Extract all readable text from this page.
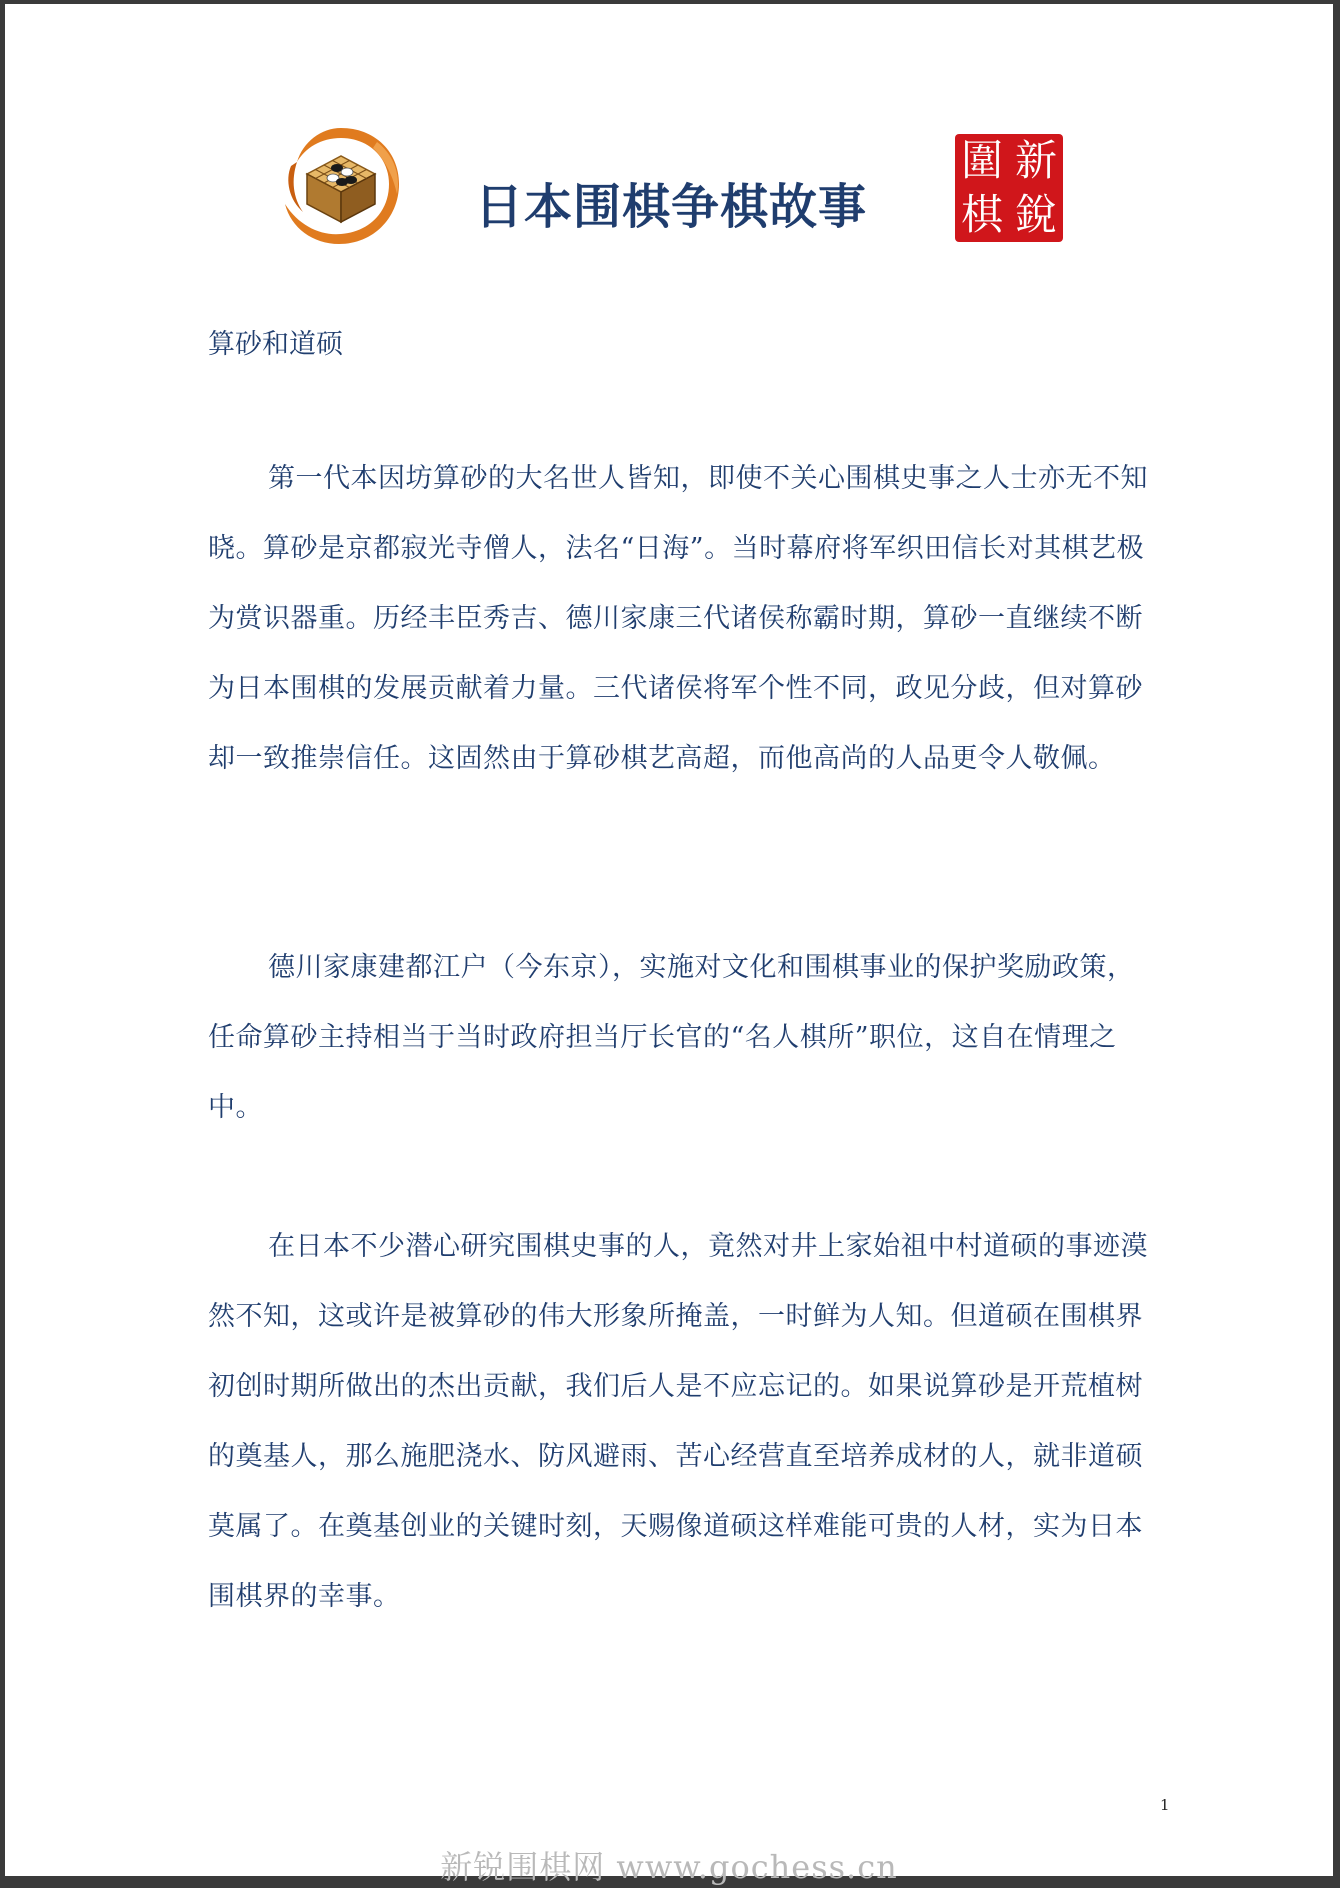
日本围棋争棋故事
圍 新
棋 銳
算砂和道硕

第一代本因坊算砂的大名世人皆知，即使不关心围棋史事之人士亦无不知晓。算砂是京都寂光寺僧人，法名“日海”。当时幕府将军织田信长对其棋艺极为赏识器重。历经丰臣秀吉、德川家康三代诸侯称霸时期，算砂一直继续不断为日本围棋的发展贡献着力量。三代诸侯将军个性不同，政见分歧，但对算砂却一致推崇信任。这固然由于算砂棋艺高超，而他高尚的人品更令人敬佩。

德川家康建都江户（今东京），实施对文化和围棋事业的保护奖励政策，任命算砂主持相当于当时政府担当厅长官的“名人棋所”职位，这自在情理之中。

在日本不少潜心研究围棋史事的人，竟然对井上家始祖中村道硕的事迹漠然不知，这或许是被算砂的伟大形象所掩盖，一时鲜为人知。但道硕在围棋界初创时期所做出的杰出贡献，我们后人是不应忘记的。如果说算砂是开荒植树的奠基人，那么施肥浇水、防风避雨、苦心经营直至培养成材的人，就非道硕莫属了。在奠基创业的关键时刻，天赐像道硕这样难能可贵的人材，实为日本围棋界的幸事。

1
新锐围棋网 www.gochess.cn
